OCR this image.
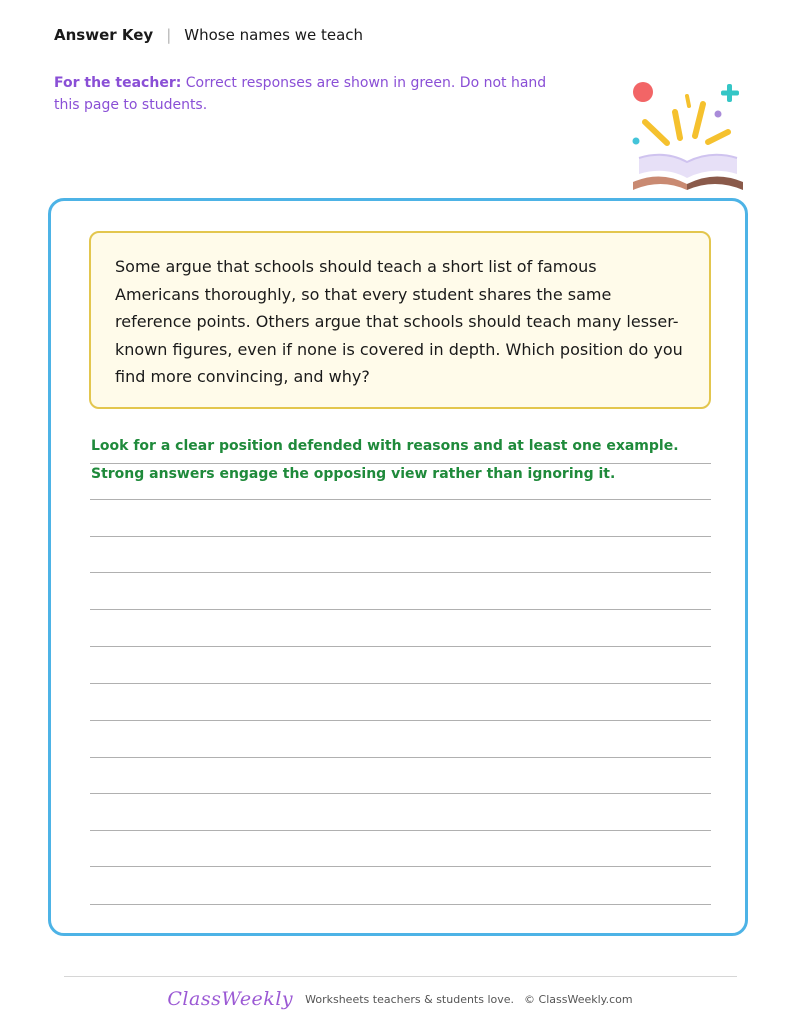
Answer Key | Whose names we teach
For the teacher: Correct responses are shown in green. Do not hand this page to students.
Some argue that schools should teach a short list of famous Americans thoroughly, so that every student shares the same reference points. Others argue that schools should teach many lesser-known figures, even if none is covered in depth. Which position do you find more convincing, and why?
Look for a clear position defended with reasons and at least one example. Strong answers engage the opposing view rather than ignoring it.
ClassWeekly Worksheets teachers & students love. © ClassWeekly.com
